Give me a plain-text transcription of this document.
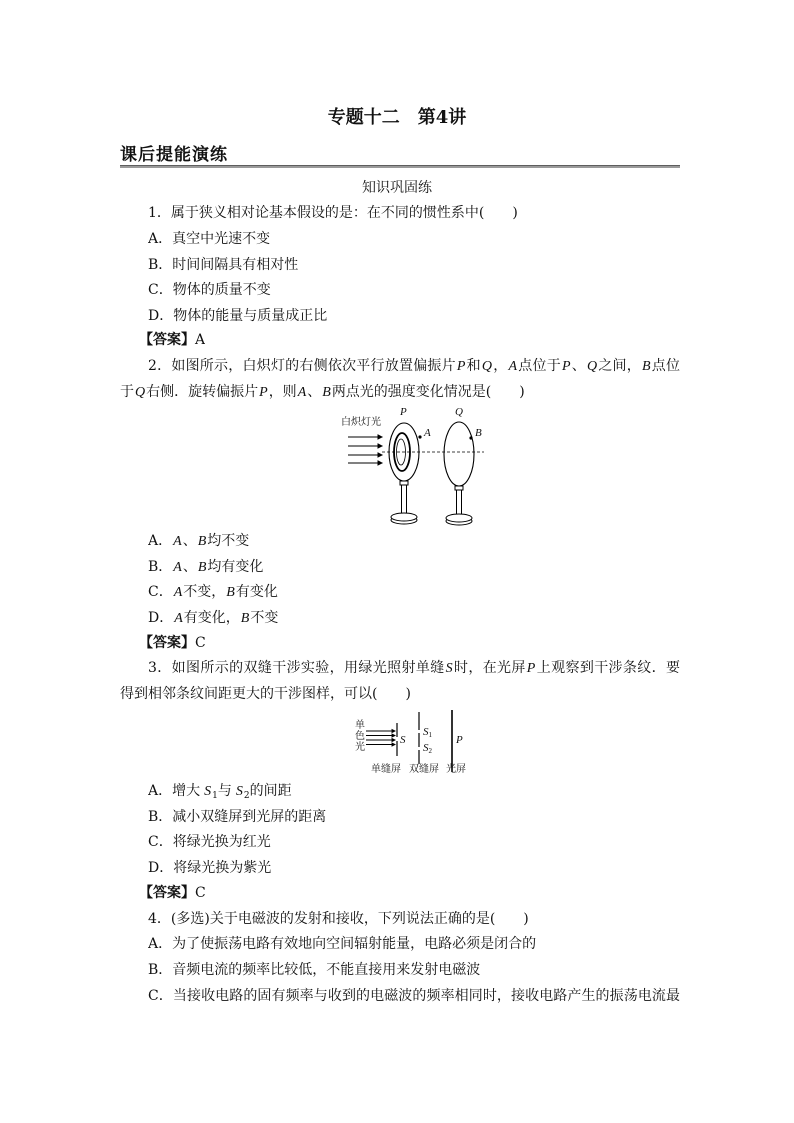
专题十二　第4讲
课后提能演练
知识巩固练
1．属于狭义相对论基本假设的是：在不同的惯性系中(　　)
A．真空中光速不变
B．时间间隔具有相对性
C．物体的质量不变
D．物体的能量与质量成正比
【答案】A
2．如图所示，白炽灯的右侧依次平行放置偏振片P和Q，A点位于P、Q之间，B点位
于Q右侧．旋转偏振片P，则A、B两点光的强度变化情况是(　　)
白炽灯光
P	Q
A	B
A．A、B均不变
B．A、B均有变化
C．A不变，B有变化
D．A有变化，B不变
【答案】C
3．如图所示的双缝干涉实验，用绿光照射单缝S时，在光屏P上观察到干涉条纹．要
得到相邻条纹间距更大的干涉图样，可以(　　)
单色光
S
$S_1$
$S_2$
P
单缝屏 双缝屏 光屏
A．增大 $S_1$与 $S_2$的间距
B．减小双缝屏到光屏的距离
C．将绿光换为红光
D．将绿光换为紫光
【答案】C
4．(多选)关于电磁波的发射和接收，下列说法正确的是(　　)
A．为了使振荡电路有效地向空间辐射能量，电路必须是闭合的
B．音频电流的频率比较低，不能直接用来发射电磁波
C．当接收电路的固有频率与收到的电磁波的频率相同时，接收电路产生的振荡电流最
